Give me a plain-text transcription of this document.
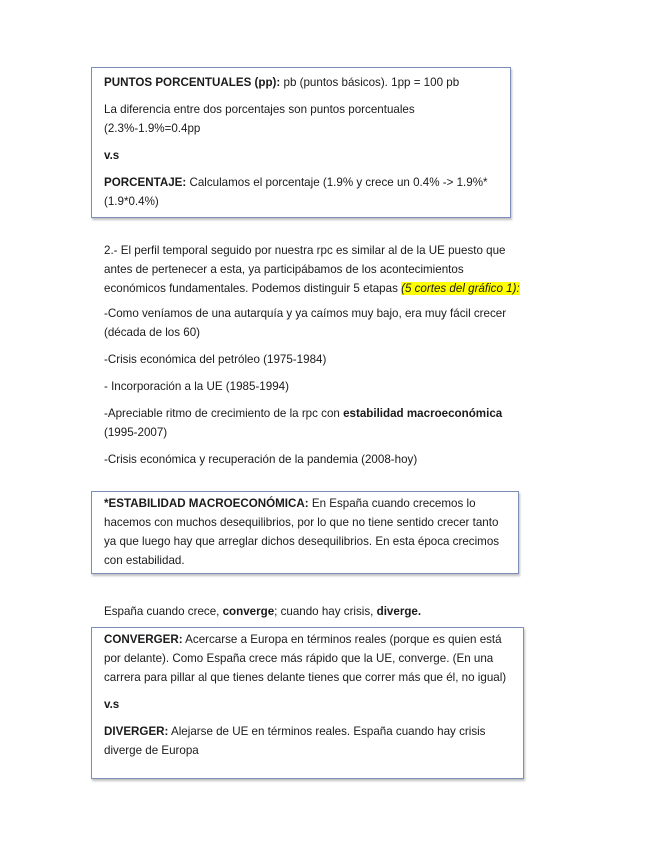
PUNTOS PORCENTUALES (pp): pb (puntos básicos). 1pp = 100 pb

La diferencia entre dos porcentajes son puntos porcentuales (2.3%-1.9%=0.4pp

v.s

PORCENTAJE: Calculamos el porcentaje (1.9% y crece un 0.4% -> 1.9%*(1.9*0.4%)

2.- El perfil temporal seguido por nuestra rpc es similar al de la UE puesto que antes de pertenecer a esta, ya participábamos de los acontecimientos económicos fundamentales. Podemos distinguir 5 etapas (5 cortes del gráfico 1):

-Como veníamos de una autarquía y ya caímos muy bajo, era muy fácil crecer (década de los 60)

-Crisis económica del petróleo (1975-1984)

- Incorporación a la UE (1985-1994)

-Apreciable ritmo de crecimiento de la rpc con estabilidad macroeconómica (1995-2007)

-Crisis económica y recuperación de la pandemia (2008-hoy)

*ESTABILIDAD MACROECONÓMICA: En España cuando crecemos lo hacemos con muchos desequilibrios, por lo que no tiene sentido crecer tanto ya que luego hay que arreglar dichos desequilibrios. En esta época crecimos con estabilidad.

España cuando crece, converge; cuando hay crisis, diverge.

CONVERGER: Acercarse a Europa en términos reales (porque es quien está por delante). Como España crece más rápido que la UE, converge. (En una carrera para pillar al que tienes delante tienes que correr más que él, no igual)

v.s

DIVERGER: Alejarse de UE en términos reales. España cuando hay crisis diverge de Europa
